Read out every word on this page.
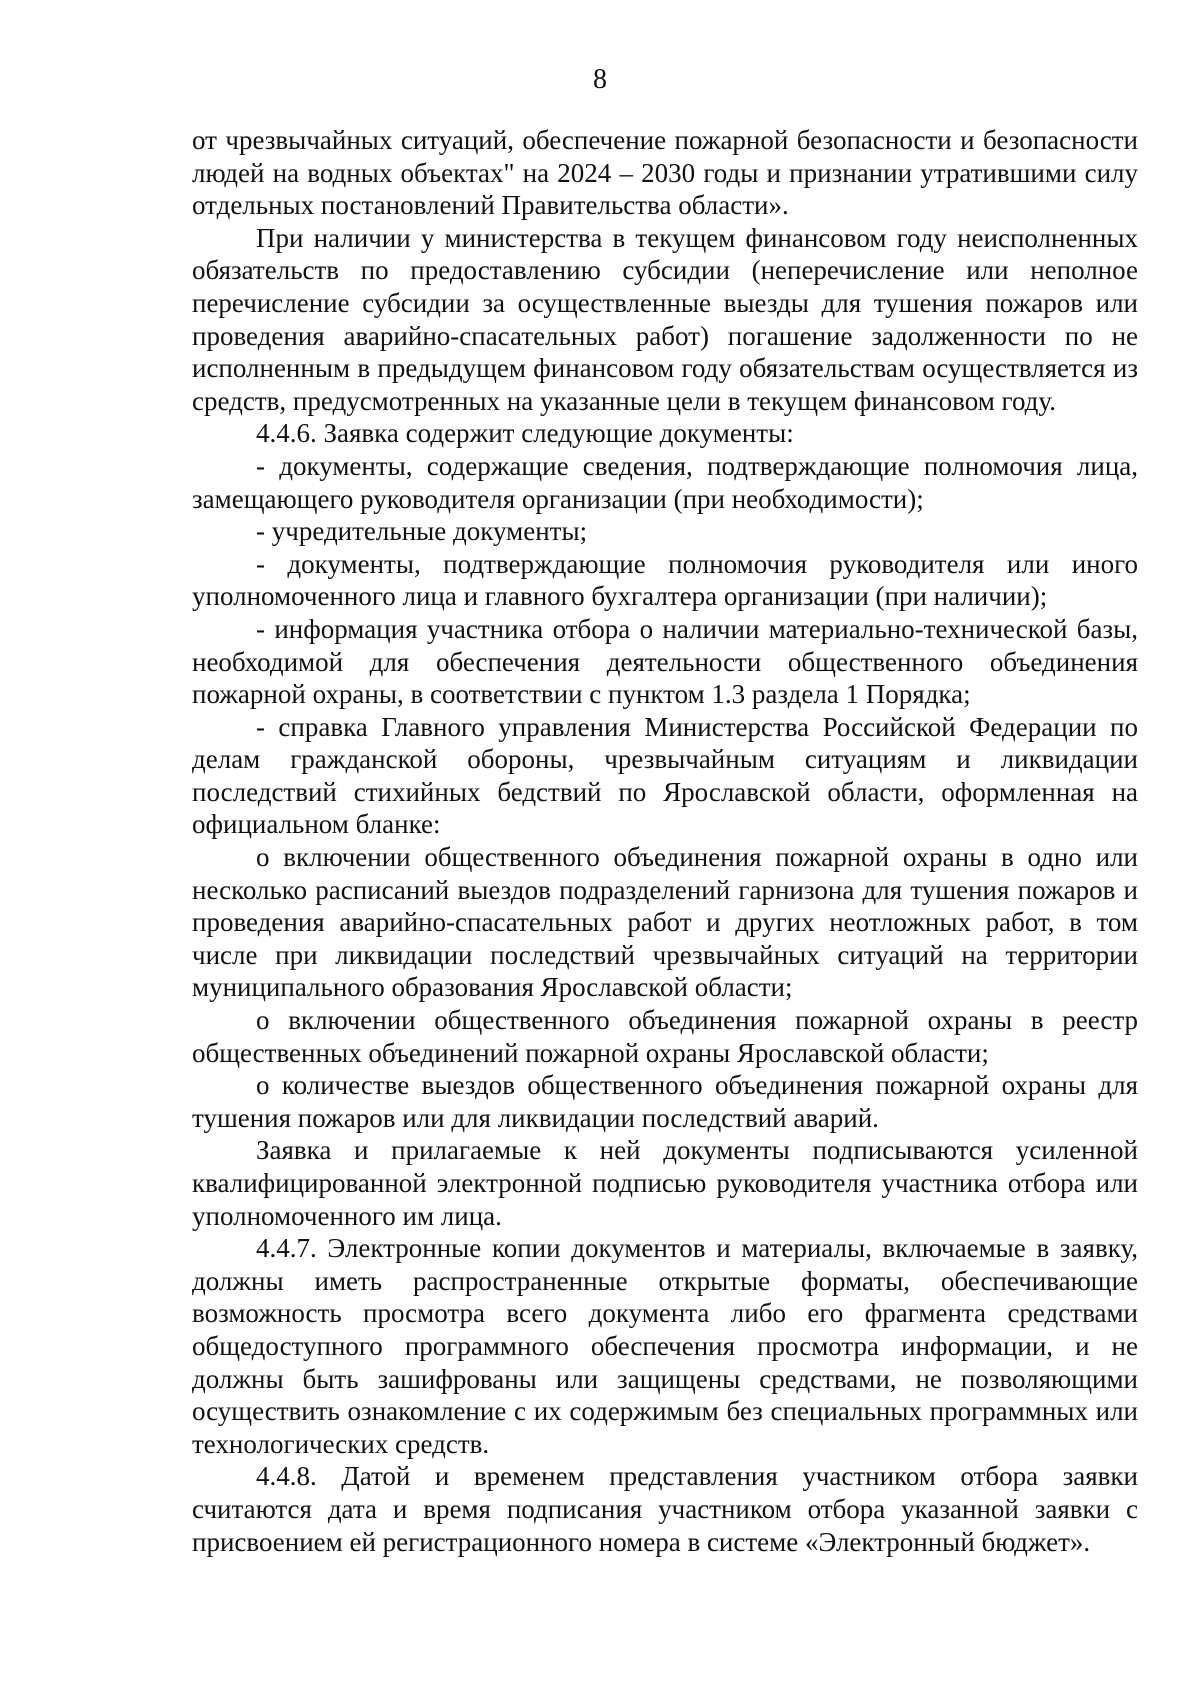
8

от чрезвычайных ситуаций, обеспечение пожарной безопасности и безопасности людей на водных объектах" на 2024 – 2030 годы и признании утратившими силу отдельных постановлений Правительства области».

При наличии у министерства в текущем финансовом году неисполненных обязательств по предоставлению субсидии (неперечисление или неполное перечисление субсидии за осуществленные выезды для тушения пожаров или проведения аварийно-спасательных работ) погашение задолженности по не исполненным в предыдущем финансовом году обязательствам осуществляется из средств, предусмотренных на указанные цели в текущем финансовом году.

4.4.6. Заявка содержит следующие документы:

- документы, содержащие сведения, подтверждающие полномочия лица, замещающего руководителя организации (при необходимости);

- учредительные документы;

- документы, подтверждающие полномочия руководителя или иного уполномоченного лица и главного бухгалтера организации (при наличии);

- информация участника отбора о наличии материально-технической базы, необходимой для обеспечения деятельности общественного объединения пожарной охраны, в соответствии с пунктом 1.3 раздела 1 Порядка;

- справка Главного управления Министерства Российской Федерации по делам гражданской обороны, чрезвычайным ситуациям и ликвидации последствий стихийных бедствий по Ярославской области, оформленная на официальном бланке:

о включении общественного объединения пожарной охраны в одно или несколько расписаний выездов подразделений гарнизона для тушения пожаров и проведения аварийно-спасательных работ и других неотложных работ, в том числе при ликвидации последствий чрезвычайных ситуаций на территории муниципального образования Ярославской области;

о включении общественного объединения пожарной охраны в реестр общественных объединений пожарной охраны Ярославской области;

о количестве выездов общественного объединения пожарной охраны для тушения пожаров или для ликвидации последствий аварий.

Заявка и прилагаемые к ней документы подписываются усиленной квалифицированной электронной подписью руководителя участника отбора или уполномоченного им лица.

4.4.7. Электронные копии документов и материалы, включаемые в заявку, должны иметь распространенные открытые форматы, обеспечивающие возможность просмотра всего документа либо его фрагмента средствами общедоступного программного обеспечения просмотра информации, и не должны быть зашифрованы или защищены средствами, не позволяющими осуществить ознакомление с их содержимым без специальных программных или технологических средств.

4.4.8. Датой и временем представления участником отбора заявки считаются дата и время подписания участником отбора указанной заявки с присвоением ей регистрационного номера в системе «Электронный бюджет».
